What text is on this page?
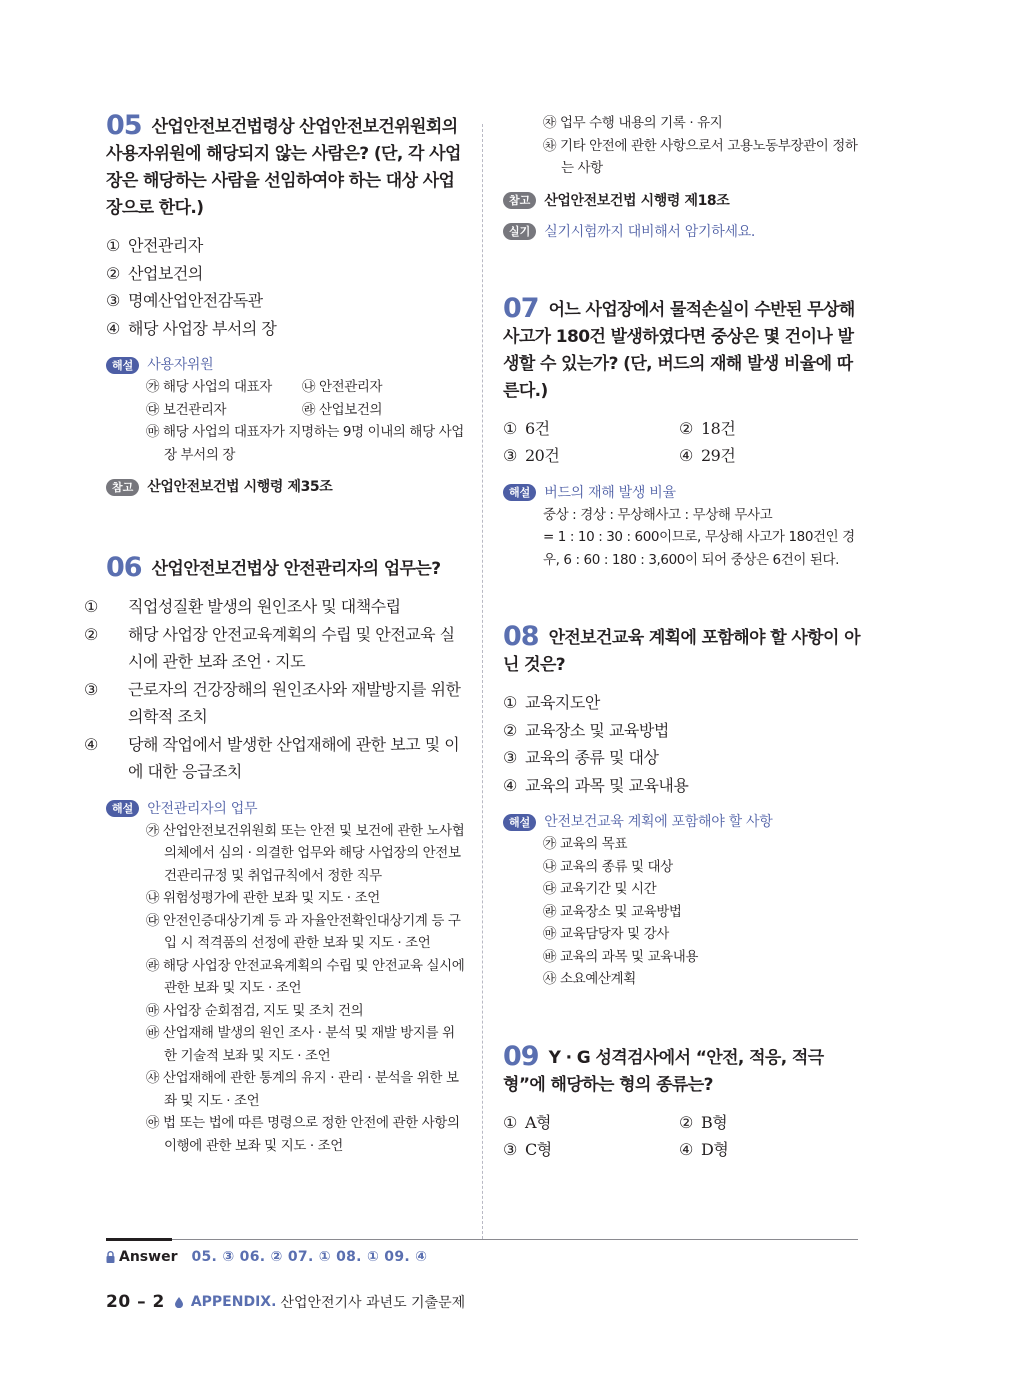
05 산업안전보건법령상 산업안전보건위원회의 사용자위원에 해당되지 않는 사람은? (단, 각 사업장은 해당하는 사람을 선임하여야 하는 대상 사업장으로 한다.)

① 안전관리자
② 산업보건의
③ 명예산업안전감독관
④ 해당 사업장 부서의 장
해설	사용자위원
㉮ 해당 사업의 대표자	㉯ 안전관리자
㉰ 보건관리자	㉱ 산업보건의
㉲ 해당 사업의 대표자가 지명하는 9명 이내의 해당 사업장 부서의 장
참고	산업안전보건법 시행령 제35조

06 산업안전보건법상 안전관리자의 업무는?

① 직업성질환 발생의 원인조사 및 대책수립
② 해당 사업장 안전교육계획의 수립 및 안전교육 실시에 관한 보좌 조언 · 지도
③ 근로자의 건강장해의 원인조사와 재발방지를 위한 의학적 조치
④ 당해 작업에서 발생한 산업재해에 관한 보고 및 이에 대한 응급조치
해설	안전관리자의 업무
㉮ 산업안전보건위원회 또는 안전 및 보건에 관한 노사협의체에서 심의 · 의결한 업무와 해당 사업장의 안전보건관리규정 및 취업규칙에서 정한 직무
㉯ 위험성평가에 관한 보좌 및 지도 · 조언
㉰ 안전인증대상기계 등 과 자율안전확인대상기계 등 구입 시 적격품의 선정에 관한 보좌 및 지도 · 조언
㉱ 해당 사업장 안전교육계획의 수립 및 안전교육 실시에 관한 보좌 및 지도 · 조언
㉲ 사업장 순회점검, 지도 및 조치 건의
㉳ 산업재해 발생의 원인 조사 · 분석 및 재발 방지를 위한 기술적 보좌 및 지도 · 조언
㉴ 산업재해에 관한 통계의 유지 · 관리 · 분석을 위한 보좌 및 지도 · 조언
㉵ 법 또는 법에 따른 명령으로 정한 안전에 관한 사항의 이행에 관한 보좌 및 지도 · 조언
㉶ 업무 수행 내용의 기록 · 유지
㉷ 기타 안전에 관한 사항으로서 고용노동부장관이 정하는 사항
참고	산업안전보건법 시행령 제18조
실기	실기시험까지 대비해서 암기하세요.

07 어느 사업장에서 물적손실이 수반된 무상해 사고가 180건 발생하였다면 중상은 몇 건이나 발생할 수 있는가? (단, 버드의 재해 발생 비율에 따른다.)

① 6건	② 18건
③ 20건	④ 29건
해설	버드의 재해 발생 비율
중상 : 경상 : 무상해사고 : 무상해 무사고
= 1 : 10 : 30 : 600이므로, 무상해 사고가 180건인 경우, 6 : 60 : 180 : 3,600이 되어 중상은 6건이 된다.

08 안전보건교육 계획에 포함해야 할 사항이 아닌 것은?

① 교육지도안
② 교육장소 및 교육방법
③ 교육의 종류 및 대상
④ 교육의 과목 및 교육내용
해설	안전보건교육 계획에 포함해야 할 사항
㉮ 교육의 목표
㉯ 교육의 종류 및 대상
㉰ 교육기간 및 시간
㉱ 교육장소 및 교육방법
㉲ 교육담당자 및 강사
㉳ 교육의 과목 및 교육내용
㉴ 소요예산계획

09 Y · G 성격검사에서 “안전, 적응, 적극형”에 해당하는 형의 종류는?

① A형	② B형
③ C형	④ D형
Answer 05. ③ 06. ② 07. ① 08. ① 09. ④
20 – 2 APPENDIX. 산업안전기사 과년도 기출문제
